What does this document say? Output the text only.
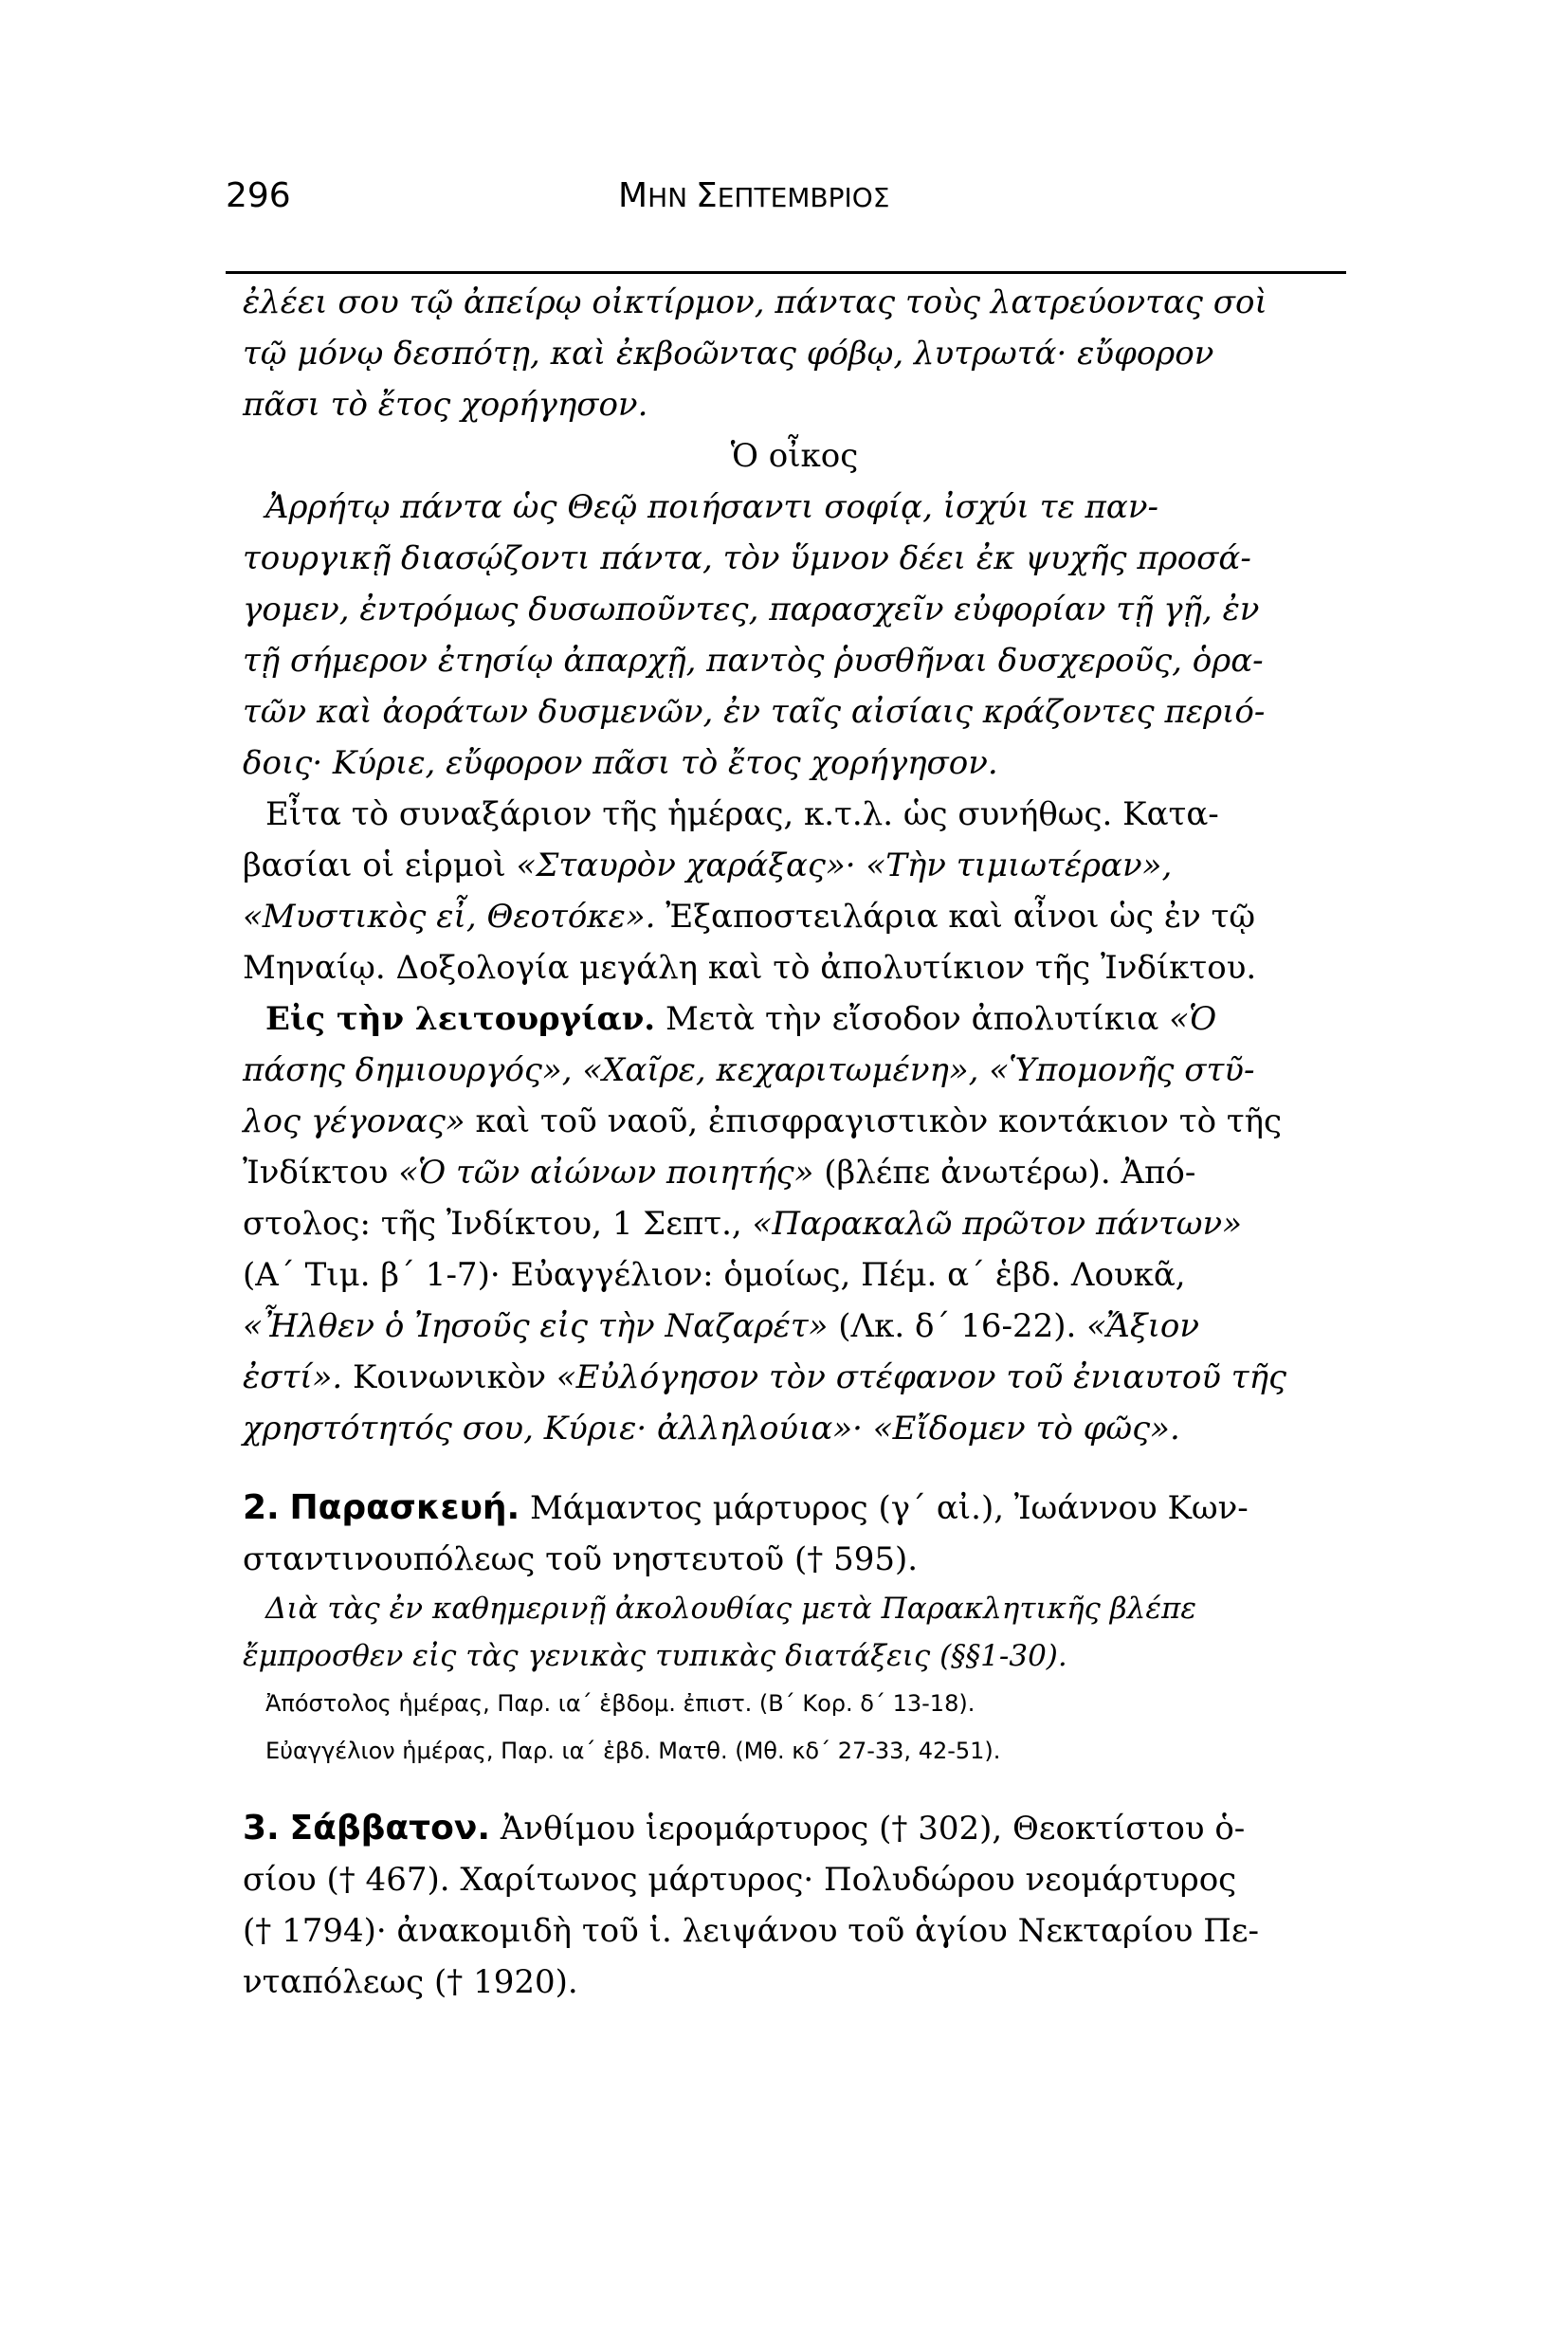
296	ΜΗΝ ΣΕΠΤΕΜΒΡΙΟΣ
ἐλέει σου τῷ ἀπείρῳ οἰκτίρμον, πάντας τοὺς λατρεύοντας σοὶ
τῷ μόνῳ δεσπότῃ, καὶ ἐκβοῶντας φόβῳ, λυτρωτά· εὔφορον
πᾶσι τὸ ἔτος χορήγησον.
Ὁ οἶκος
Ἀρρήτῳ πάντα ὡς Θεῷ ποιήσαντι σοφίᾳ, ἰσχύι τε παν-
τουργικῇ διασῴζοντι πάντα, τὸν ὕμνον δέει ἐκ ψυχῆς προσά-
γομεν, ἐντρόμως δυσωποῦντες, παρασχεῖν εὐφορίαν τῇ γῇ, ἐν
τῇ σήμερον ἐτησίῳ ἀπαρχῇ, παντὸς ῥυσθῆναι δυσχεροῦς, ὁρα-
τῶν καὶ ἀοράτων δυσμενῶν, ἐν ταῖς αἰσίαις κράζοντες περιό-
δοις· Κύριε, εὔφορον πᾶσι τὸ ἔτος χορήγησον.
Εἶτα τὸ συναξάριον τῆς ἡμέρας, κ.τ.λ. ὡς συνήθως. Κατα-
βασίαι οἱ εἱρμοὶ «Σταυρὸν χαράξας»· «Τὴν τιμιωτέραν»,
«Μυστικὸς εἶ, Θεοτόκε». Ἐξαποστειλάρια καὶ αἶνοι ὡς ἐν τῷ
Μηναίῳ. Δοξολογία μεγάλη καὶ τὸ ἀπολυτίκιον τῆς Ἰνδίκτου.
Εἰς τὴν λειτουργίαν. Μετὰ τὴν εἴσοδον ἀπολυτίκια «Ὁ
πάσης δημιουργός», «Χαῖρε, κεχαριτωμένη», «Ὑπομονῆς στῦ-
λος γέγονας» καὶ τοῦ ναοῦ, ἐπισφραγιστικὸν κοντάκιον τὸ τῆς
Ἰνδίκτου «Ὁ τῶν αἰώνων ποιητής» (βλέπε ἀνωτέρω). Ἀπό-
στολος: τῆς Ἰνδίκτου, 1 Σεπτ., «Παρακαλῶ πρῶτον πάντων»
(Α΄ Τιμ. β΄ 1-7)· Εὐαγγέλιον: ὁμοίως, Πέμ. α΄ ἑβδ. Λουκᾶ,
«Ἦλθεν ὁ Ἰησοῦς εἰς τὴν Ναζαρέτ» (Λκ. δ΄ 16-22). «Ἄξιον
ἐστί». Κοινωνικὸν «Εὐλόγησον τὸν στέφανον τοῦ ἐνιαυτοῦ τῆς
χρηστότητός σου, Κύριε· ἀλληλούια»· «Εἴδομεν τὸ φῶς».
2. Παρασκευή. Μάμαντος μάρτυρος (γ΄ αἰ.), Ἰωάννου Κων-
σταντινουπόλεως τοῦ νηστευτοῦ († 595).
Διὰ τὰς ἐν καθημερινῇ ἀκολουθίας μετὰ Παρακλητικῆς βλέπε
ἔμπροσθεν εἰς τὰς γενικὰς τυπικὰς διατάξεις (§§1-30).
Ἀπόστολος ἡμέρας, Παρ. ια΄ ἑβδομ. ἐπιστ. (Β΄ Κορ. δ΄ 13-18).
Εὐαγγέλιον ἡμέρας, Παρ. ια΄ ἑβδ. Ματθ. (Μθ. κδ΄ 27-33, 42-51).
3. Σάββατον. Ἀνθίμου ἱερομάρτυρος († 302), Θεοκτίστου ὁ-
σίου († 467). Χαρίτωνος μάρτυρος· Πολυδώρου νεομάρτυρος
(† 1794)· ἀνακομιδὴ τοῦ ἱ. λειψάνου τοῦ ἁγίου Νεκταρίου Πε-
νταπόλεως († 1920).
